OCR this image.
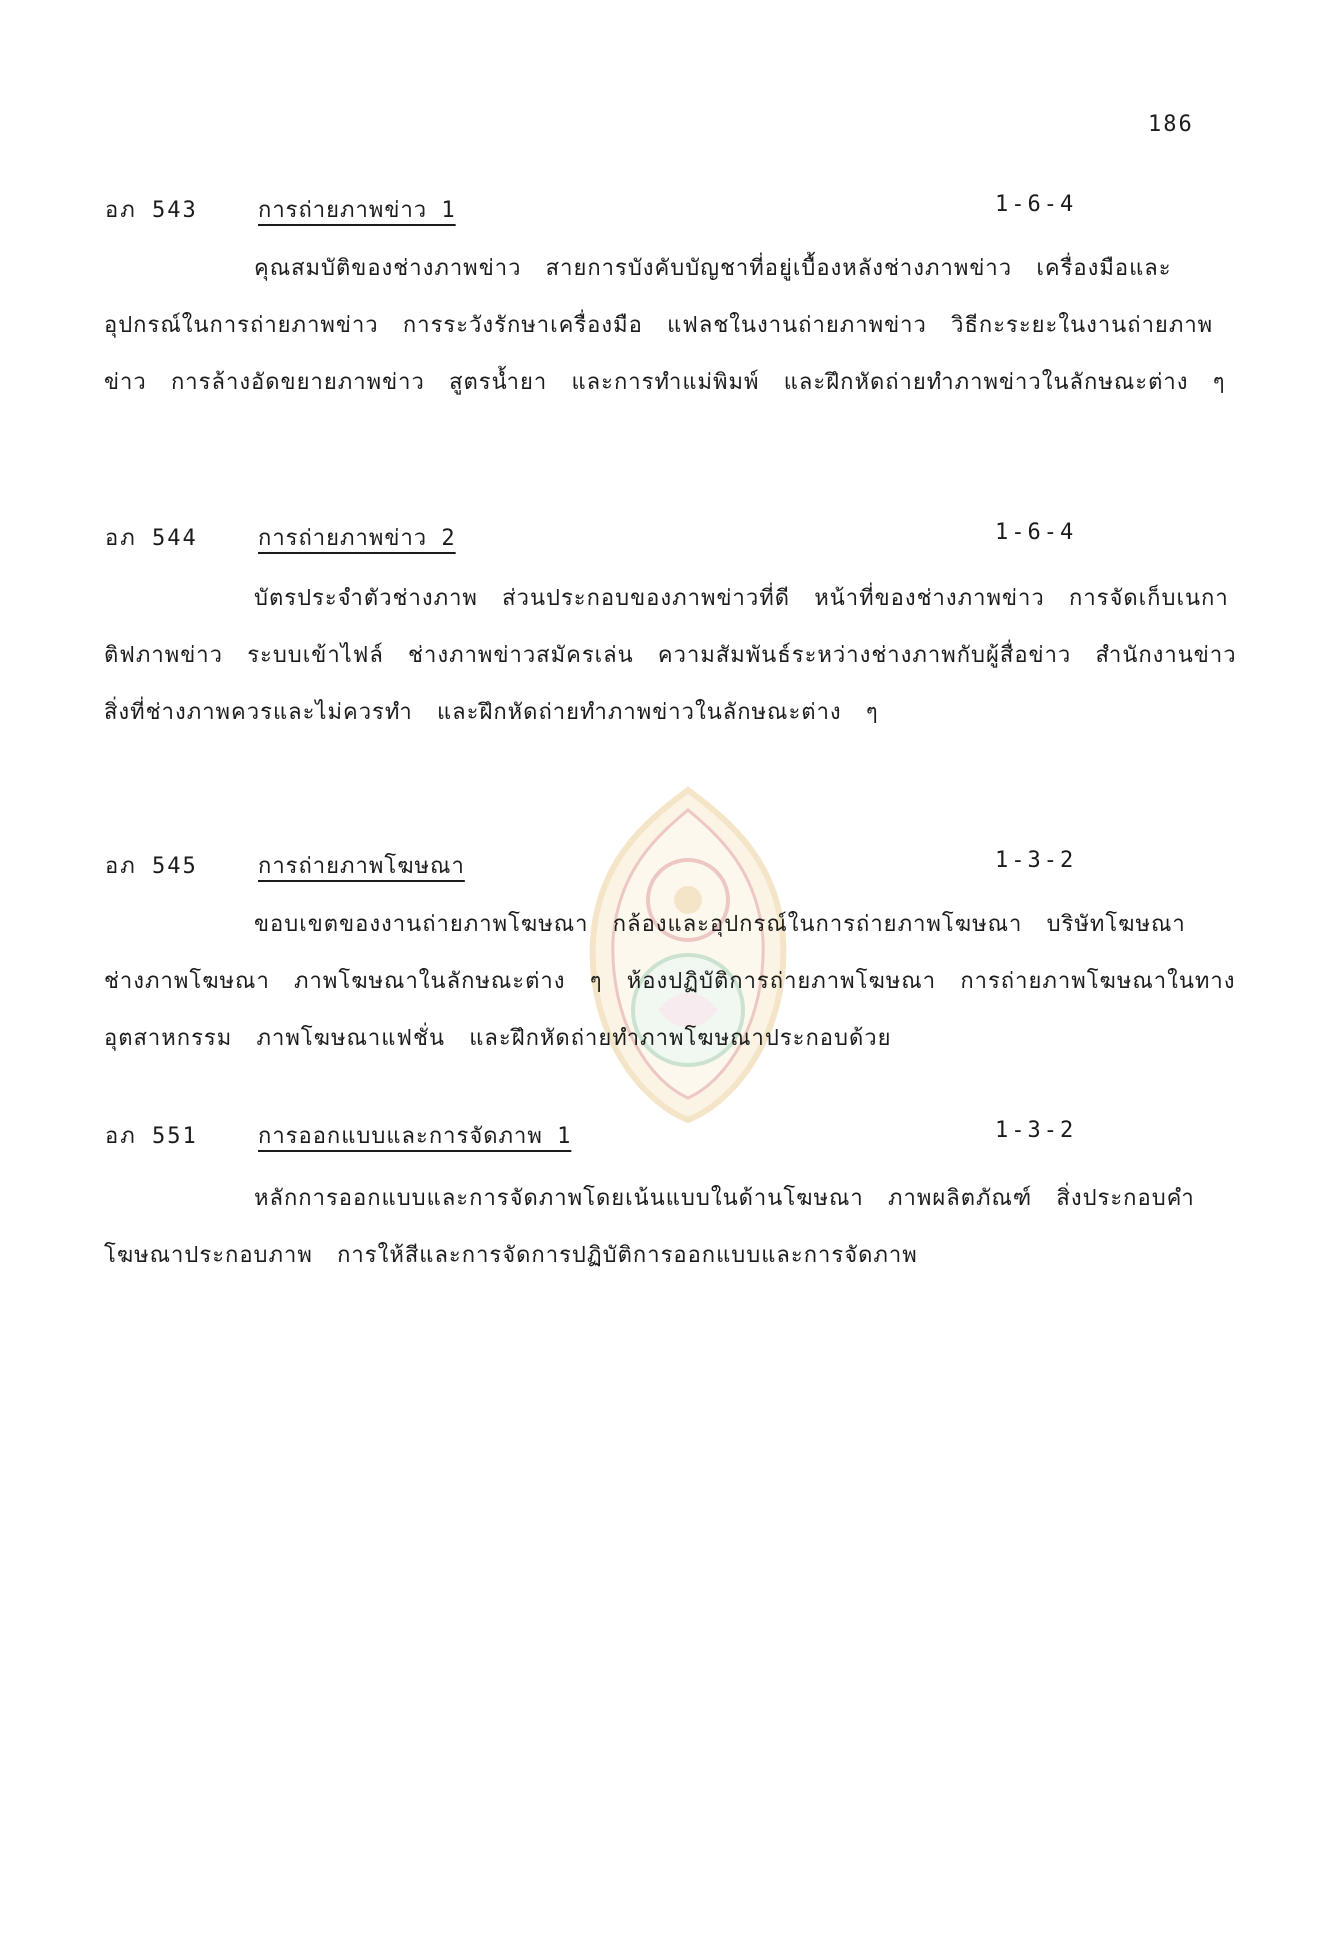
186
อภ 543	การถ่ายภาพข่าว 1	1-6-4

คุณสมบัติของช่างภาพข่าว สายการบังคับบัญชาที่อยู่เบื้องหลังช่างภาพข่าว เครื่องมือและอุปกรณ์ในการถ่ายภาพข่าว การระวังรักษาเครื่องมือ แฟลชในงานถ่ายภาพข่าว วิธีกะระยะในงานถ่ายภาพข่าว การล้างอัดขยายภาพข่าว สูตรน้ำยา และการทำแม่พิมพ์ และฝึกหัดถ่ายทำภาพข่าวในลักษณะต่าง ๆ

อภ 544	การถ่ายภาพข่าว 2	1-6-4

บัตรประจำตัวช่างภาพ ส่วนประกอบของภาพข่าวที่ดี หน้าที่ของช่างภาพข่าว การจัดเก็บเนกาติฟภาพข่าว ระบบเข้าไฟล์ ช่างภาพข่าวสมัครเล่น ความสัมพันธ์ระหว่างช่างภาพกับผู้สื่อข่าว สำนักงานข่าว สิ่งที่ช่างภาพควรและไม่ควรทำ และฝึกหัดถ่ายทำภาพข่าวในลักษณะต่าง ๆ

อภ 545	การถ่ายภาพโฆษณา	1-3-2

ขอบเขตของงานถ่ายภาพโฆษณา กล้องและอุปกรณ์ในการถ่ายภาพโฆษณา บริษัทโฆษณา ช่างภาพโฆษณา ภาพโฆษณาในลักษณะต่าง ๆ ห้องปฏิบัติการถ่ายภาพโฆษณา การถ่ายภาพโฆษณาในทางอุตสาหกรรม ภาพโฆษณาแฟชั่น และฝึกหัดถ่ายทำภาพโฆษณาประกอบด้วย

อภ 551	การออกแบบและการจัดภาพ 1	1-3-2

หลักการออกแบบและการจัดภาพโดยเน้นแบบในด้านโฆษณา ภาพผลิตภัณฑ์ สิ่งประกอบคำโฆษณาประกอบภาพ การให้สีและการจัดการปฏิบัติการออกแบบและการจัดภาพ
